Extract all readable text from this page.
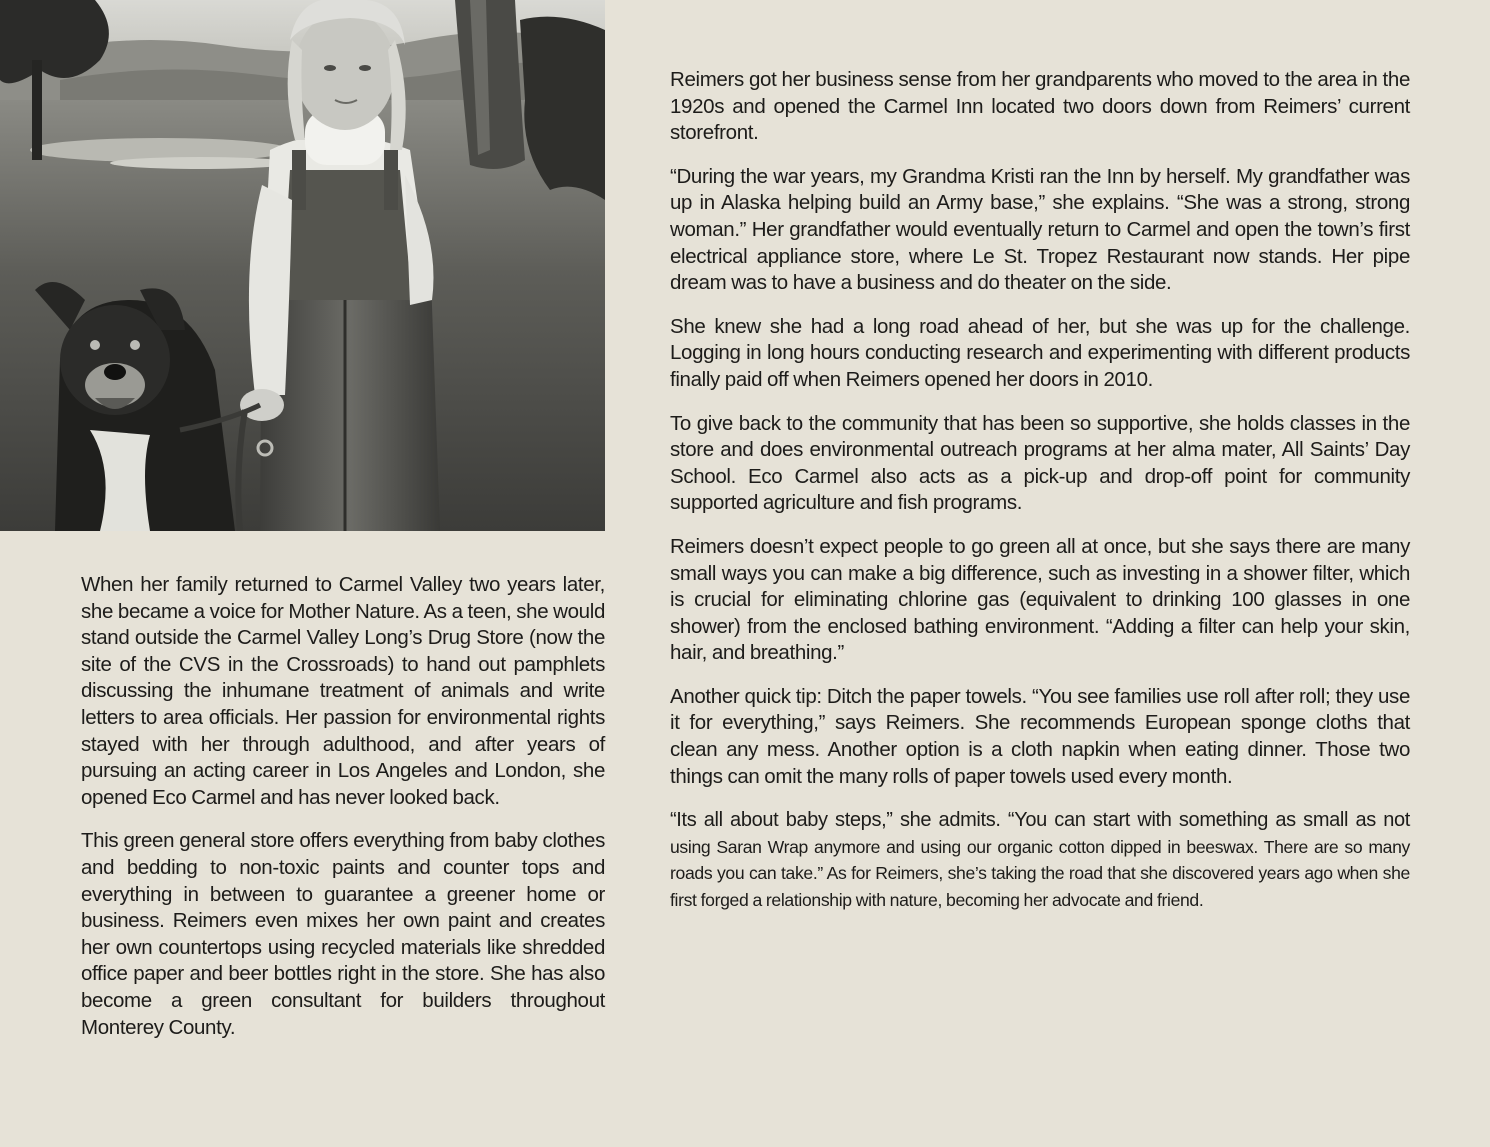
When her family returned to Carmel Valley two years later, she became a voice for Mother Nature. As a teen, she would stand outside the Carmel Valley Long’s Drug Store (now the site of the CVS in the Crossroads) to hand out pamphlets discussing the inhumane treatment of animals and write letters to area officials. Her passion for environmental rights stayed with her through adulthood, and after years of pursuing an acting career in Los Angeles and London, she opened Eco Carmel and has never looked back.

This green general store offers everything from baby clothes and bedding to non-toxic paints and counter tops and everything in between to guarantee a greener home or business. Reimers even mixes her own paint and creates her own countertops using recycled materials like shredded office paper and beer bottles right in the store. She has also become a green consultant for builders throughout Monterey County.

Reimers got her business sense from her grandparents who moved to the area in the 1920s and opened the Carmel Inn located two doors down from Reimers’ current storefront.

“During the war years, my Grandma Kristi ran the Inn by herself. My grandfather was up in Alaska helping build an Army base,” she explains. “She was a strong, strong woman.” Her grandfather would eventually return to Carmel and open the town’s first electrical appliance store, where Le St. Tropez Restaurant now stands. Her pipe dream was to have a business and do theater on the side.

She knew she had a long road ahead of her, but she was up for the challenge. Logging in long hours conducting research and experimenting with different products finally paid off when Reimers opened her doors in 2010.

To give back to the community that has been so supportive, she holds classes in the store and does environmental outreach programs at her alma mater, All Saints’ Day School. Eco Carmel also acts as a pick-up and drop-off point for community supported agriculture and fish programs.

Reimers doesn’t expect people to go green all at once, but she says there are many small ways you can make a big difference, such as investing in a shower filter, which is crucial for eliminating chlorine gas (equivalent to drinking 100 glasses in one shower) from the enclosed bathing environment. “Adding a filter can help your skin, hair, and breathing.”

Another quick tip: Ditch the paper towels. “You see families use roll after roll; they use it for everything,” says Reimers. She recommends European sponge cloths that clean any mess. Another option is a cloth napkin when eating dinner. Those two things can omit the many rolls of paper towels used every month.

“Its all about baby steps,” she admits. “You can start with something as small as not using Saran Wrap anymore and using our organic cotton dipped in beeswax. There are so many roads you can take.” As for Reimers, she’s taking the road that she discovered years ago when she first forged a relationship with nature, becoming her advocate and friend.
